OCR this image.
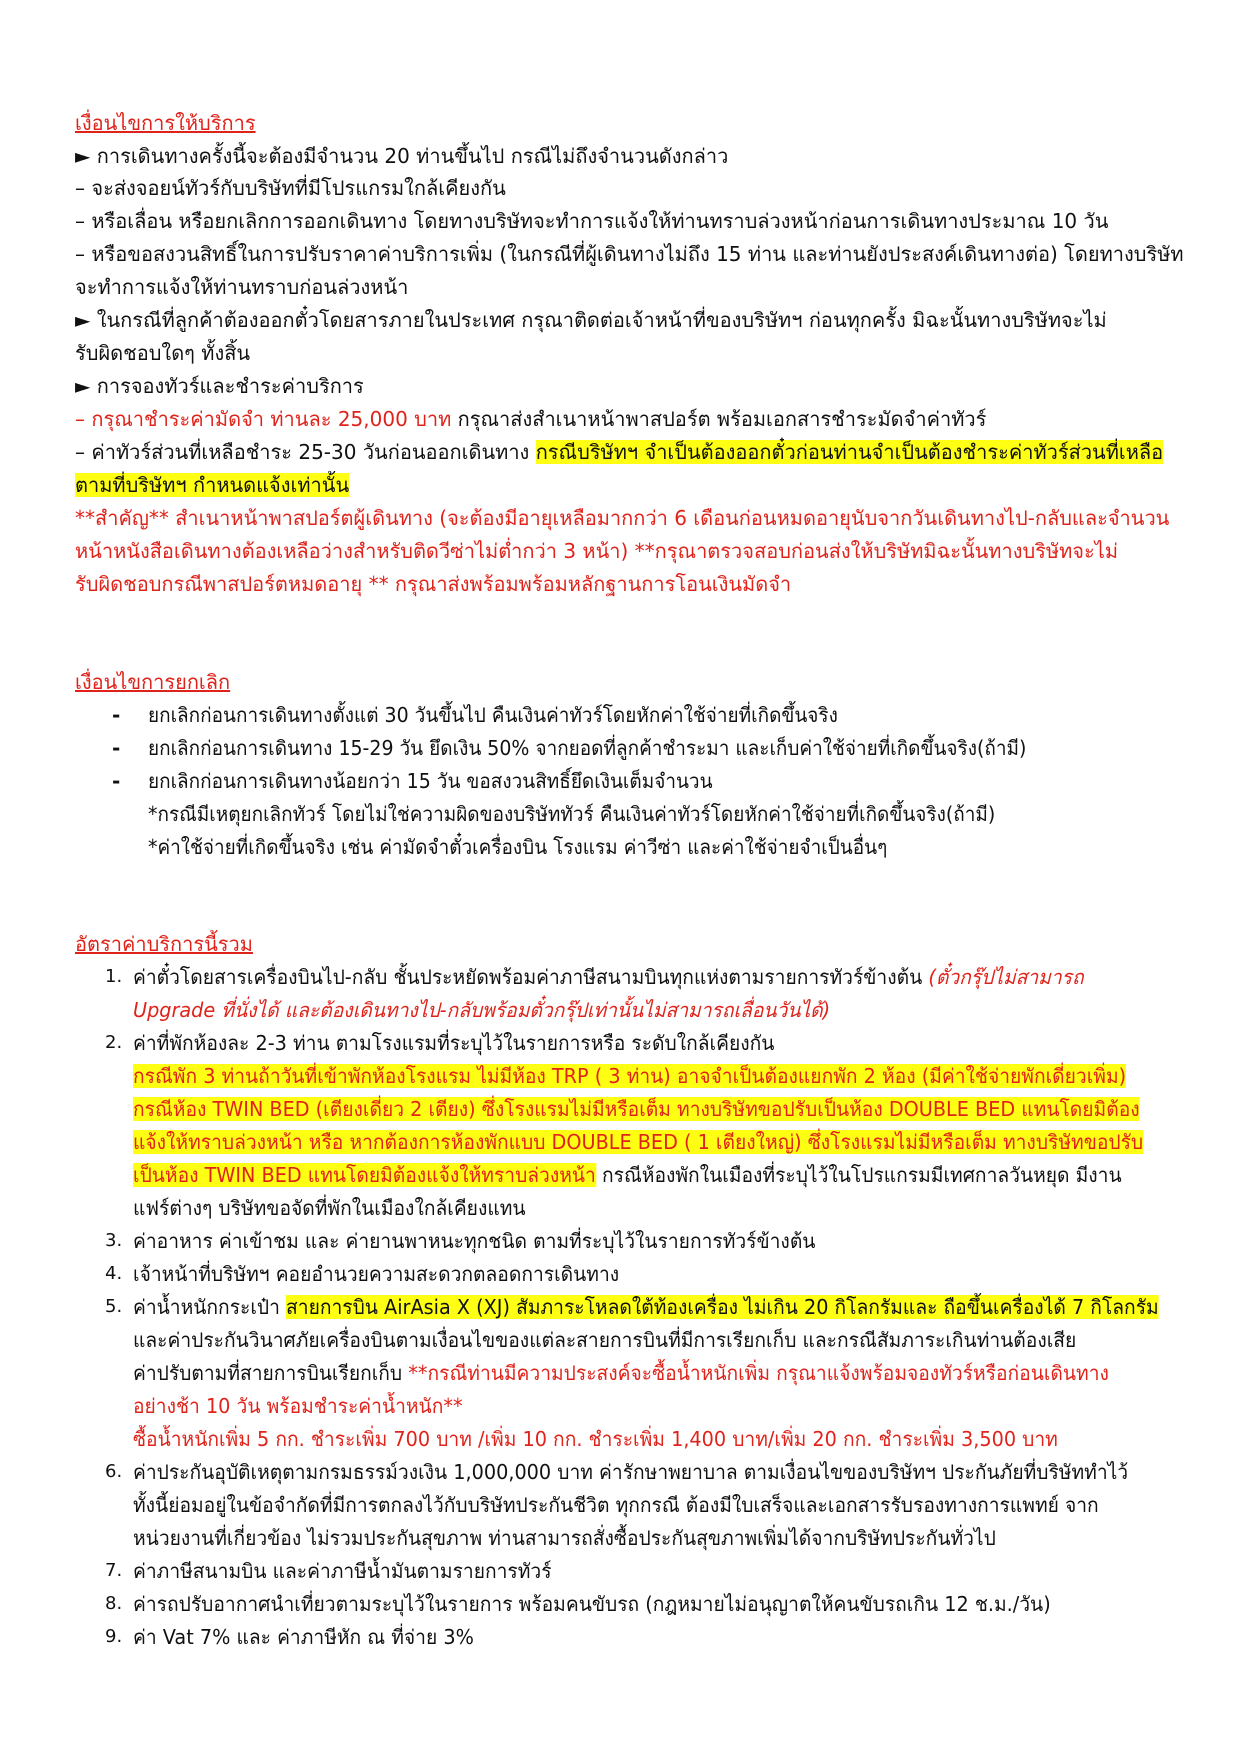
เงื่อนไขการให้บริการ
► การเดินทางครั้งนี้จะต้องมีจำนวน 20 ท่านขึ้นไป กรณีไม่ถึงจำนวนดังกล่าว
– จะส่งจอยน์ทัวร์กับบริษัทที่มีโปรแกรมใกล้เคียงกัน
– หรือเลื่อน หรือยกเลิกการออกเดินทาง โดยทางบริษัทจะทำการแจ้งให้ท่านทราบล่วงหน้าก่อนการเดินทางประมาณ 10 วัน
– หรือขอสงวนสิทธิ์ในการปรับราคาค่าบริการเพิ่ม (ในกรณีที่ผู้เดินทางไม่ถึง 15 ท่าน และท่านยังประสงค์เดินทางต่อ) โดยทางบริษัท
จะทำการแจ้งให้ท่านทราบก่อนล่วงหน้า
► ในกรณีที่ลูกค้าต้องออกตั๋วโดยสารภายในประเทศ กรุณาติดต่อเจ้าหน้าที่ของบริษัทฯ ก่อนทุกครั้ง มิฉะนั้นทางบริษัทจะไม่
รับผิดชอบใดๆ ทั้งสิ้น
► การจองทัวร์และชำระค่าบริการ
– กรุณาชำระค่ามัดจำ ท่านละ 25,000 บาท กรุณาส่งสำเนาหน้าพาสปอร์ต พร้อมเอกสารชำระมัดจำค่าทัวร์
– ค่าทัวร์ส่วนที่เหลือชำระ 25-30 วันก่อนออกเดินทาง กรณีบริษัทฯ จำเป็นต้องออกตั๋วก่อนท่านจำเป็นต้องชำระค่าทัวร์ส่วนที่เหลือ
ตามที่บริษัทฯ กำหนดแจ้งเท่านั้น
**สำคัญ** สำเนาหน้าพาสปอร์ตผู้เดินทาง (จะต้องมีอายุเหลือมากกว่า 6 เดือนก่อนหมดอายุนับจากวันเดินทางไป-กลับและจำนวน
หน้าหนังสือเดินทางต้องเหลือว่างสำหรับติดวีซ่าไม่ต่ำกว่า 3 หน้า) **กรุณาตรวจสอบก่อนส่งให้บริษัทมิฉะนั้นทางบริษัทจะไม่
รับผิดชอบกรณีพาสปอร์ตหมดอายุ ** กรุณาส่งพร้อมพร้อมหลักฐานการโอนเงินมัดจำ
เงื่อนไขการยกเลิก
- ยกเลิกก่อนการเดินทางตั้งแต่ 30 วันขึ้นไป คืนเงินค่าทัวร์โดยหักค่าใช้จ่ายที่เกิดขึ้นจริง
- ยกเลิกก่อนการเดินทาง 15-29 วัน ยึดเงิน 50% จากยอดที่ลูกค้าชำระมา และเก็บค่าใช้จ่ายที่เกิดขึ้นจริง(ถ้ามี)
- ยกเลิกก่อนการเดินทางน้อยกว่า 15 วัน ขอสงวนสิทธิ์ยึดเงินเต็มจำนวน
*กรณีมีเหตุยกเลิกทัวร์ โดยไม่ใช่ความผิดของบริษัททัวร์ คืนเงินค่าทัวร์โดยหักค่าใช้จ่ายที่เกิดขึ้นจริง(ถ้ามี)
*ค่าใช้จ่ายที่เกิดขึ้นจริง เช่น ค่ามัดจำตั๋วเครื่องบิน โรงแรม ค่าวีซ่า และค่าใช้จ่ายจำเป็นอื่นๆ
อัตราค่าบริการนี้รวม
1. ค่าตั๋วโดยสารเครื่องบินไป-กลับ ชั้นประหยัดพร้อมค่าภาษีสนามบินทุกแห่งตามรายการทัวร์ข้างต้น (ตั๋วกรุ๊ปไม่สามารถ
Upgrade ที่นั่งได้ และต้องเดินทางไป-กลับพร้อมตั๋วกรุ๊ปเท่านั้นไม่สามารถเลื่อนวันได้)
2. ค่าที่พักห้องละ 2-3 ท่าน ตามโรงแรมที่ระบุไว้ในรายการหรือ ระดับใกล้เคียงกัน
กรณีพัก 3 ท่านถ้าวันที่เข้าพักห้องโรงแรม ไม่มีห้อง TRP ( 3 ท่าน) อาจจำเป็นต้องแยกพัก 2 ห้อง (มีค่าใช้จ่ายพักเดี่ยวเพิ่ม)
กรณีห้อง TWIN BED (เตียงเดี่ยว 2 เตียง) ซึ่งโรงแรมไม่มีหรือเต็ม ทางบริษัทขอปรับเป็นห้อง DOUBLE BED แทนโดยมิต้อง
แจ้งให้ทราบล่วงหน้า หรือ หากต้องการห้องพักแบบ DOUBLE BED ( 1 เตียงใหญ่) ซึ่งโรงแรมไม่มีหรือเต็ม ทางบริษัทขอปรับ
เป็นห้อง TWIN BED แทนโดยมิต้องแจ้งให้ทราบล่วงหน้า กรณีห้องพักในเมืองที่ระบุไว้ในโปรแกรมมีเทศกาลวันหยุด มีงาน
แฟร์ต่างๆ บริษัทขอจัดที่พักในเมืองใกล้เคียงแทน
3. ค่าอาหาร ค่าเข้าชม และ ค่ายานพาหนะทุกชนิด ตามที่ระบุไว้ในรายการทัวร์ข้างต้น
4. เจ้าหน้าที่บริษัทฯ คอยอำนวยความสะดวกตลอดการเดินทาง
5. ค่าน้ำหนักกระเป๋า สายการบิน AirAsia X (XJ) สัมภาระโหลดใต้ท้องเครื่อง ไม่เกิน 20 กิโลกรัมและ ถือขึ้นเครื่องได้ 7 กิโลกรัม
และค่าประกันวินาศภัยเครื่องบินตามเงื่อนไขของแต่ละสายการบินที่มีการเรียกเก็บ และกรณีสัมภาระเกินท่านต้องเสีย
ค่าปรับตามที่สายการบินเรียกเก็บ **กรณีท่านมีความประสงค์จะซื้อน้ำหนักเพิ่ม กรุณาแจ้งพร้อมจองทัวร์หรือก่อนเดินทาง
อย่างช้า 10 วัน พร้อมชำระค่าน้ำหนัก**
ซื้อน้ำหนักเพิ่ม 5 กก. ชำระเพิ่ม 700 บาท /เพิ่ม 10 กก. ชำระเพิ่ม 1,400 บาท/เพิ่ม 20 กก. ชำระเพิ่ม 3,500 บาท
6. ค่าประกันอุบัติเหตุตามกรมธรรม์วงเงิน 1,000,000 บาท ค่ารักษาพยาบาล ตามเงื่อนไขของบริษัทฯ ประกันภัยที่บริษัททำไว้
ทั้งนี้ย่อมอยู่ในข้อจำกัดที่มีการตกลงไว้กับบริษัทประกันชีวิต ทุกกรณี ต้องมีใบเสร็จและเอกสารรับรองทางการแพทย์ จาก
หน่วยงานที่เกี่ยวข้อง ไม่รวมประกันสุขภาพ ท่านสามารถสั่งซื้อประกันสุขภาพเพิ่มได้จากบริษัทประกันทั่วไป
7. ค่าภาษีสนามบิน และค่าภาษีน้ำมันตามรายการทัวร์
8. ค่ารถปรับอากาศนำเที่ยวตามระบุไว้ในรายการ พร้อมคนขับรถ (กฎหมายไม่อนุญาตให้คนขับรถเกิน 12 ช.ม./วัน)
9. ค่า Vat 7% และ ค่าภาษีหัก ณ ที่จ่าย 3%
